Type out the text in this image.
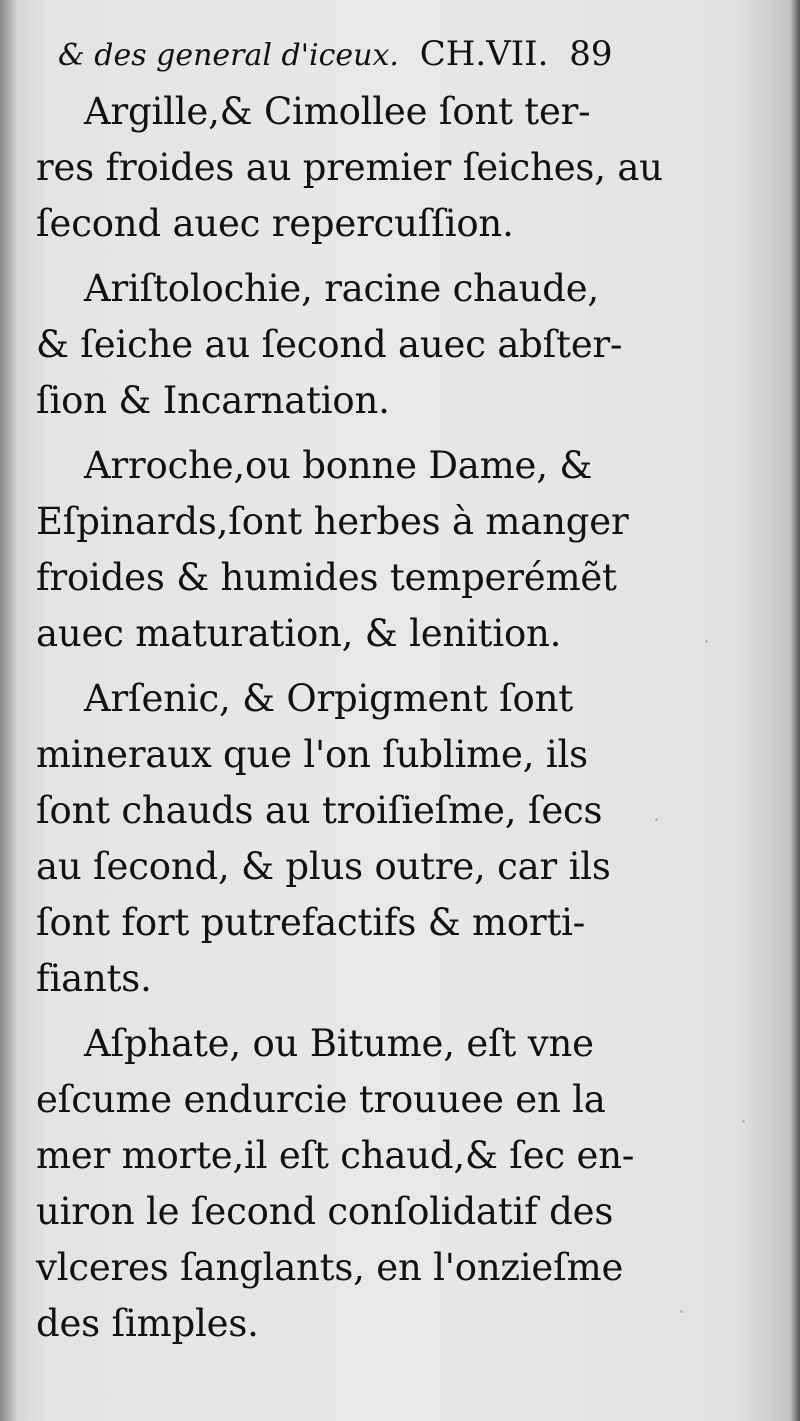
& des general d'iceux. CH.VII. 89
Argille,& Cimollee ſont ter-
res froides au premier ſeiches, au
ſecond auec repercuſſion.
Ariſtolochie, racine chaude,
& ſeiche au ſecond auec abſter-
ſion & Incarnation.
Arroche,ou bonne Dame, &
Eſpinards,ſont herbes à manger
froides & humides temperémẽt
auec maturation, & lenition.
Arſenic, & Orpigment ſont
mineraux que l'on ſublime, ils
ſont chauds au troiſieſme, ſecs
au ſecond, & plus outre, car ils
ſont fort putrefactifs & morti-
fiants.
Aſphate, ou Bitume, eſt vne
eſcume endurcie trouuee en la
mer morte,il eſt chaud,& ſec en-
uiron le ſecond conſolidatif des
vlceres ſanglants, en l'onzieſme
des ſimples.
